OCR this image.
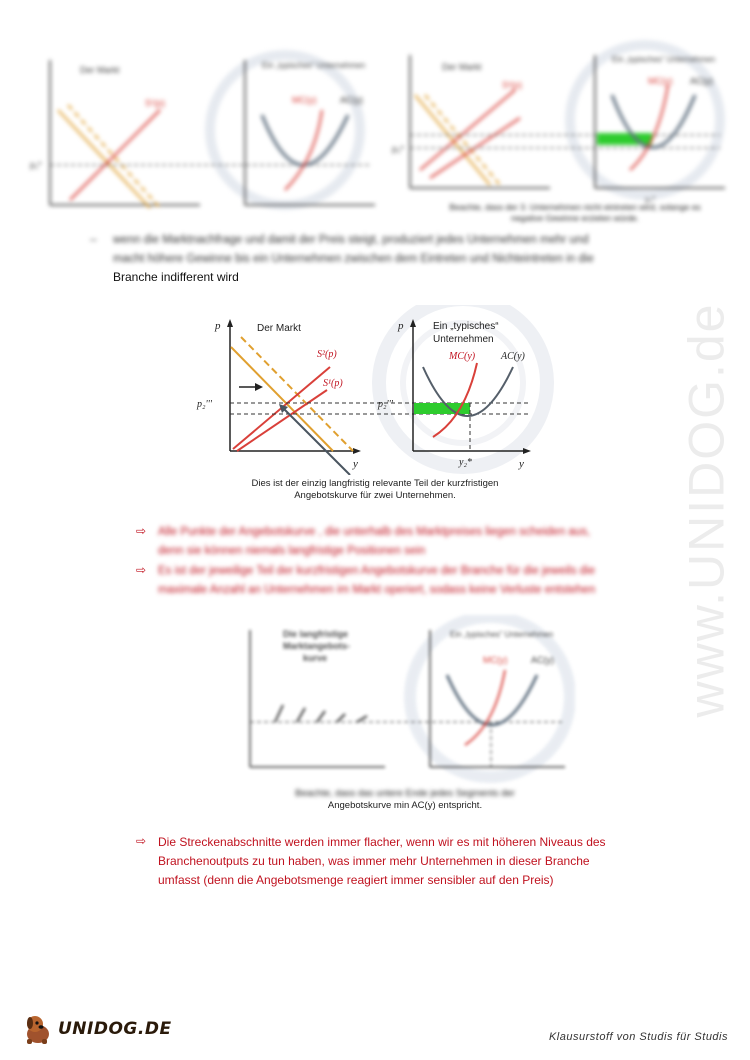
www.UNIDOG.de
Der Markt
S¹(p)
p₁*
Ein „typisches“ Unternehmen
MC(y)	AC(y)
Der Markt
S²(p)
p₂*
Ein „typisches“ Unternehmen
MC(y) AC(y)
y₂*
Beachte, dass der 3. Unternehmen nicht eintreten wird, solange es negative Gewinne erzielen würde.
– wenn die Marktnachfrage und damit der Preis steigt, produziert jedes Unternehmen mehr und
macht höhere Gewinne bis ein Unternehmen zwischen dem Eintreten und Nichteintreten in die
Branche indifferent wird
p
y
Der Markt
S²(p)
S¹(p)
p₂'''	p₂'''
p
y
Ein „typisches“
Unternehmen
MC(y)	AC(y)
y₂*
Dies ist der einzig langfristig relevante Teil der kurzfristigen
Angebotskurve für zwei Unternehmen.
⇨ Alle Punkte der Angebotskurve , die unterhalb des Marktpreises liegen scheiden aus,
denn sie können niemals langfristige Positionen sein
⇨ Es ist der jeweilige Teil der kurzfristigen Angebotskurve der Branche für die jeweils die
maximale Anzahl an Unternehmen im Markt operiert, sodass keine Verluste entstehen
Die langfristige
Marktangebots-
kurve
Ein „typisches“ Unternehmen
MC(y)	AC(y)
Beachte, dass das untere Ende jedes Segments der
Angebotskurve min AC(y) entspricht.
⇨ Die Streckenabschnitte werden immer flacher, wenn wir es mit höheren Niveaus des
Branchenoutputs zu tun haben, was immer mehr Unternehmen in dieser Branche
umfasst (denn die Angebotsmenge reagiert immer sensibler auf den Preis)
UNIDOG.DE	Klausurstoff von Studis für Studis
